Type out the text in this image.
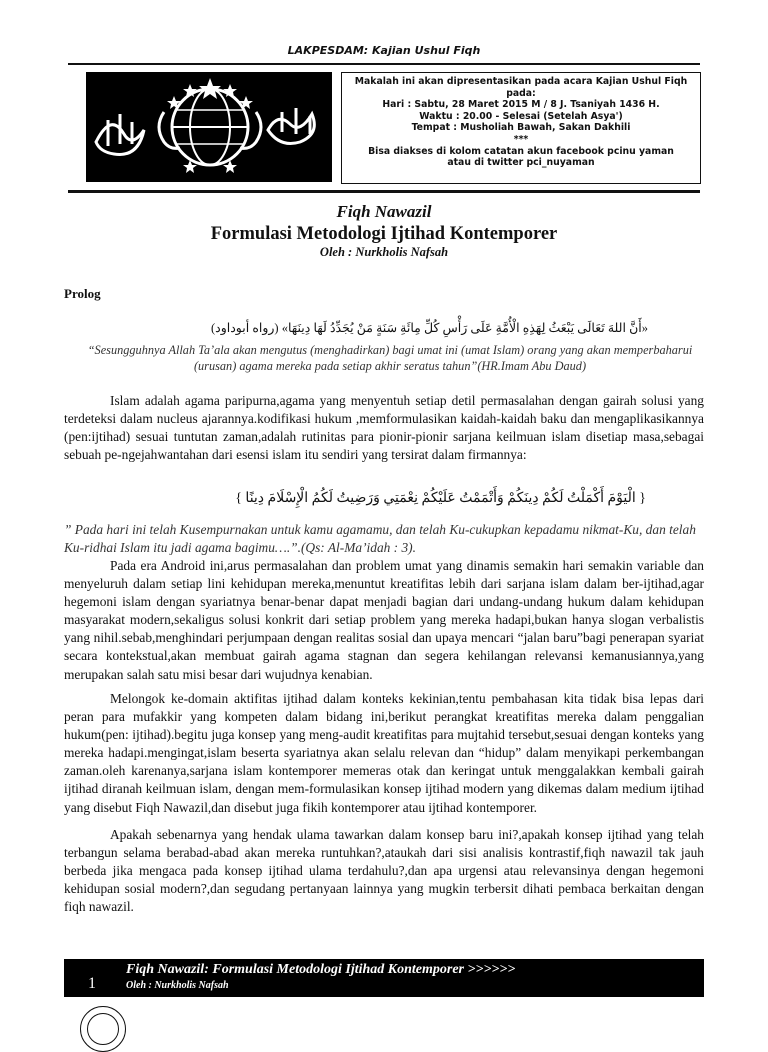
LAKPESDAM: Kajian Ushul Fiqh
Makalah ini akan dipresentasikan pada acara Kajian Ushul Fiqh
pada:
Hari : Sabtu, 28 Maret 2015 M / 8 J. Tsaniyah 1436 H.
Waktu : 20.00 - Selesai (Setelah Asya')
Tempat : Musholiah Bawah, Sakan Dakhili
***
Bisa diakses di kolom catatan akun facebook pcinu yaman
atau di twitter pci_nuyaman
Fiqh Nawazil
Formulasi Metodologi Ijtihad Kontemporer
Oleh : Nurkholis Nafsah
Prolog
«أَنَّ اللهَ تَعَالَى يَبْعَثُ لِهَذِهِ الْأُمَّةِ عَلَى رَأْسِ كُلِّ مِائَةِ سَنَةٍ مَنْ يُجَدِّدُ لَهَا دِينَهَا» (رواه أبوداود)
“Sesungguhnya Allah Ta’ala akan mengutus (menghadirkan) bagi umat ini (umat Islam) orang yang akan memperbaharui (urusan) agama mereka pada setiap akhir seratus tahun”(HR.Imam Abu Daud)
Islam adalah agama paripurna,agama yang menyentuh setiap detil permasalahan dengan gairah solusi yang terdeteksi dalam nucleus ajarannya.kodifikasi hukum ,memformulasikan kaidah-kaidah baku dan mengaplikasikannya (pen:ijtihad) sesuai tuntutan zaman,adalah rutinitas para pionir-pionir sarjana keilmuan islam disetiap masa,sebagai sebuah pe-ngejahwantahan dari esensi islam itu sendiri yang tersirat dalam firmannya:
{ الْيَوْمَ أَكْمَلْتُ لَكُمْ دِينَكُمْ وَأَتْمَمْتُ عَلَيْكُمْ نِعْمَتِي وَرَضِيتُ لَكُمُ الْإِسْلَامَ دِينًا }
” Pada hari ini telah Kusempurnakan untuk kamu agamamu, dan telah Ku-cukupkan kepadamu nikmat-Ku, dan telah Ku-ridhai Islam itu jadi agama bagimu….”.(Qs: Al-Ma’idah : 3).
Pada era Android ini,arus permasalahan dan problem umat yang dinamis semakin hari semakin variable dan menyeluruh dalam setiap lini kehidupan mereka,menuntut kreatifitas lebih dari sarjana islam dalam ber-ijtihad,agar hegemoni islam dengan syariatnya benar-benar dapat menjadi bagian dari undang-undang hukum dalam kehidupan masyarakat modern,sekaligus solusi konkrit dari setiap problem yang mereka hadapi,bukan hanya slogan verbalistis yang nihil.sebab,menghindari perjumpaan dengan realitas sosial dan upaya mencari “jalan baru”bagi penerapan syariat secara kontekstual,akan membuat gairah agama stagnan dan segera kehilangan relevansi kemanusiannya,yang merupakan salah satu misi besar dari wujudnya kenabian.
Melongok ke-domain aktifitas ijtihad dalam konteks kekinian,tentu pembahasan kita tidak bisa lepas dari peran para mufakkir yang kompeten dalam bidang ini,berikut perangkat kreatifitas mereka dalam penggalian hukum(pen: ijtihad).begitu juga konsep yang meng-audit kreatifitas para mujtahid tersebut,sesuai dengan konteks yang mereka hadapi.mengingat,islam beserta syariatnya akan selalu relevan dan “hidup” dalam menyikapi perkembangan zaman.oleh karenanya,sarjana islam kontemporer memeras otak dan keringat untuk menggalakkan kembali gairah ijtihad diranah keilmuan islam, dengan mem-formulasikan konsep ijtihad modern yang dikemas dalam medium ijtihad yang disebut Fiqh Nawazil,dan disebut juga fikih kontemporer atau ijtihad kontemporer.
Apakah sebenarnya yang hendak ulama tawarkan dalam konsep baru ini?,apakah konsep ijtihad yang telah terbangun selama berabad-abad akan mereka runtuhkan?,ataukah dari sisi analisis kontrastif,fiqh nawazil tak jauh berbeda jika mengaca pada konsep ijtihad ulama terdahulu?,dan apa urgensi atau relevansinya dengan hegemoni kehidupan sosial modern?,dan segudang pertanyaan lainnya yang mugkin terbersit dihati pembaca berkaitan dengan fiqh nawazil.
Fiqh Nawazil: Formulasi Metodologi Ijtihad Kontemporer >>>>>>
Oleh : Nurkholis Nafsah
1
